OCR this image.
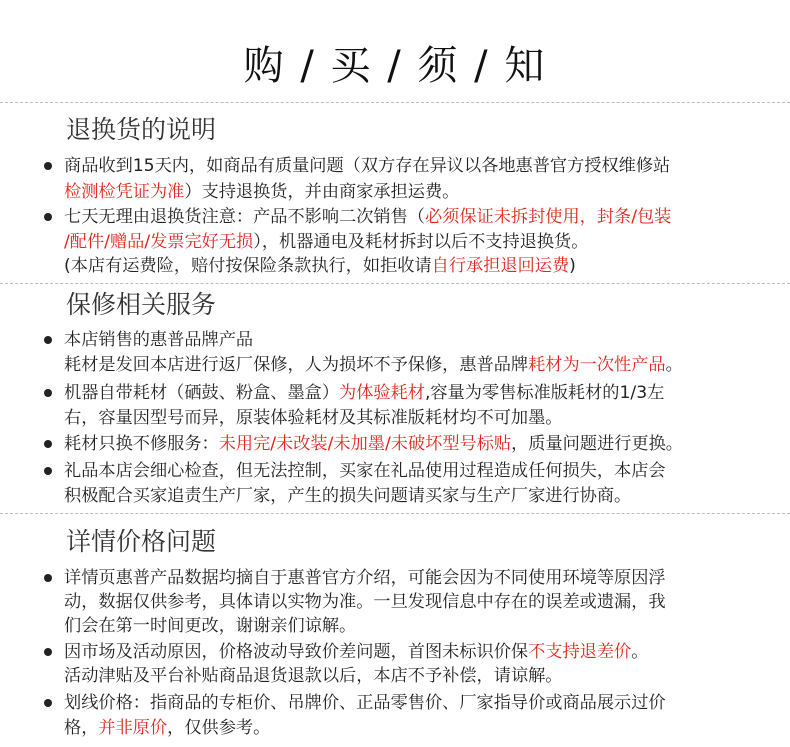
购 / 买 / 须 / 知
退换货的说明
商品收到15天内，如商品有质量问题（双方存在异议以各地惠普官方授权维修站
检测检凭证为准）支持退换货，并由商家承担运费。
七天无理由退换货注意：产品不影响二次销售（必须保证未拆封使用，封条/包装
/配件/赠品/发票完好无损），机器通电及耗材拆封以后不支持退换货。
(本店有运费险，赔付按保险条款执行，如拒收请自行承担退回运费)
保修相关服务
本店销售的惠普品牌产品
耗材是发回本店进行返厂保修，人为损坏不予保修，惠普品牌耗材为一次性产品。
机器自带耗材（硒鼓、粉盒、墨盒）为体验耗材,容量为零售标准版耗材的1/3左
右，容量因型号而异，原装体验耗材及其标准版耗材均不可加墨。
耗材只换不修服务：未用完/未改装/未加墨/未破坏型号标贴，质量问题进行更换。
礼品本店会细心检查，但无法控制，买家在礼品使用过程造成任何损失，本店会
积极配合买家追责生产厂家，产生的损失问题请买家与生产厂家进行协商。
详情价格问题
详情页惠普产品数据均摘自于惠普官方介绍，可能会因为不同使用环境等原因浮
动，数据仅供参考，具体请以实物为准。一旦发现信息中存在的误差或遗漏，我
们会在第一时间更改，谢谢亲们谅解。
因市场及活动原因，价格波动导致价差问题，首图未标识价保不支持退差价。
活动津贴及平台补贴商品退货退款以后，本店不予补偿，请谅解。
划线价格：指商品的专柜价、吊牌价、正品零售价、厂家指导价或商品展示过价
格，并非原价，仅供参考。
